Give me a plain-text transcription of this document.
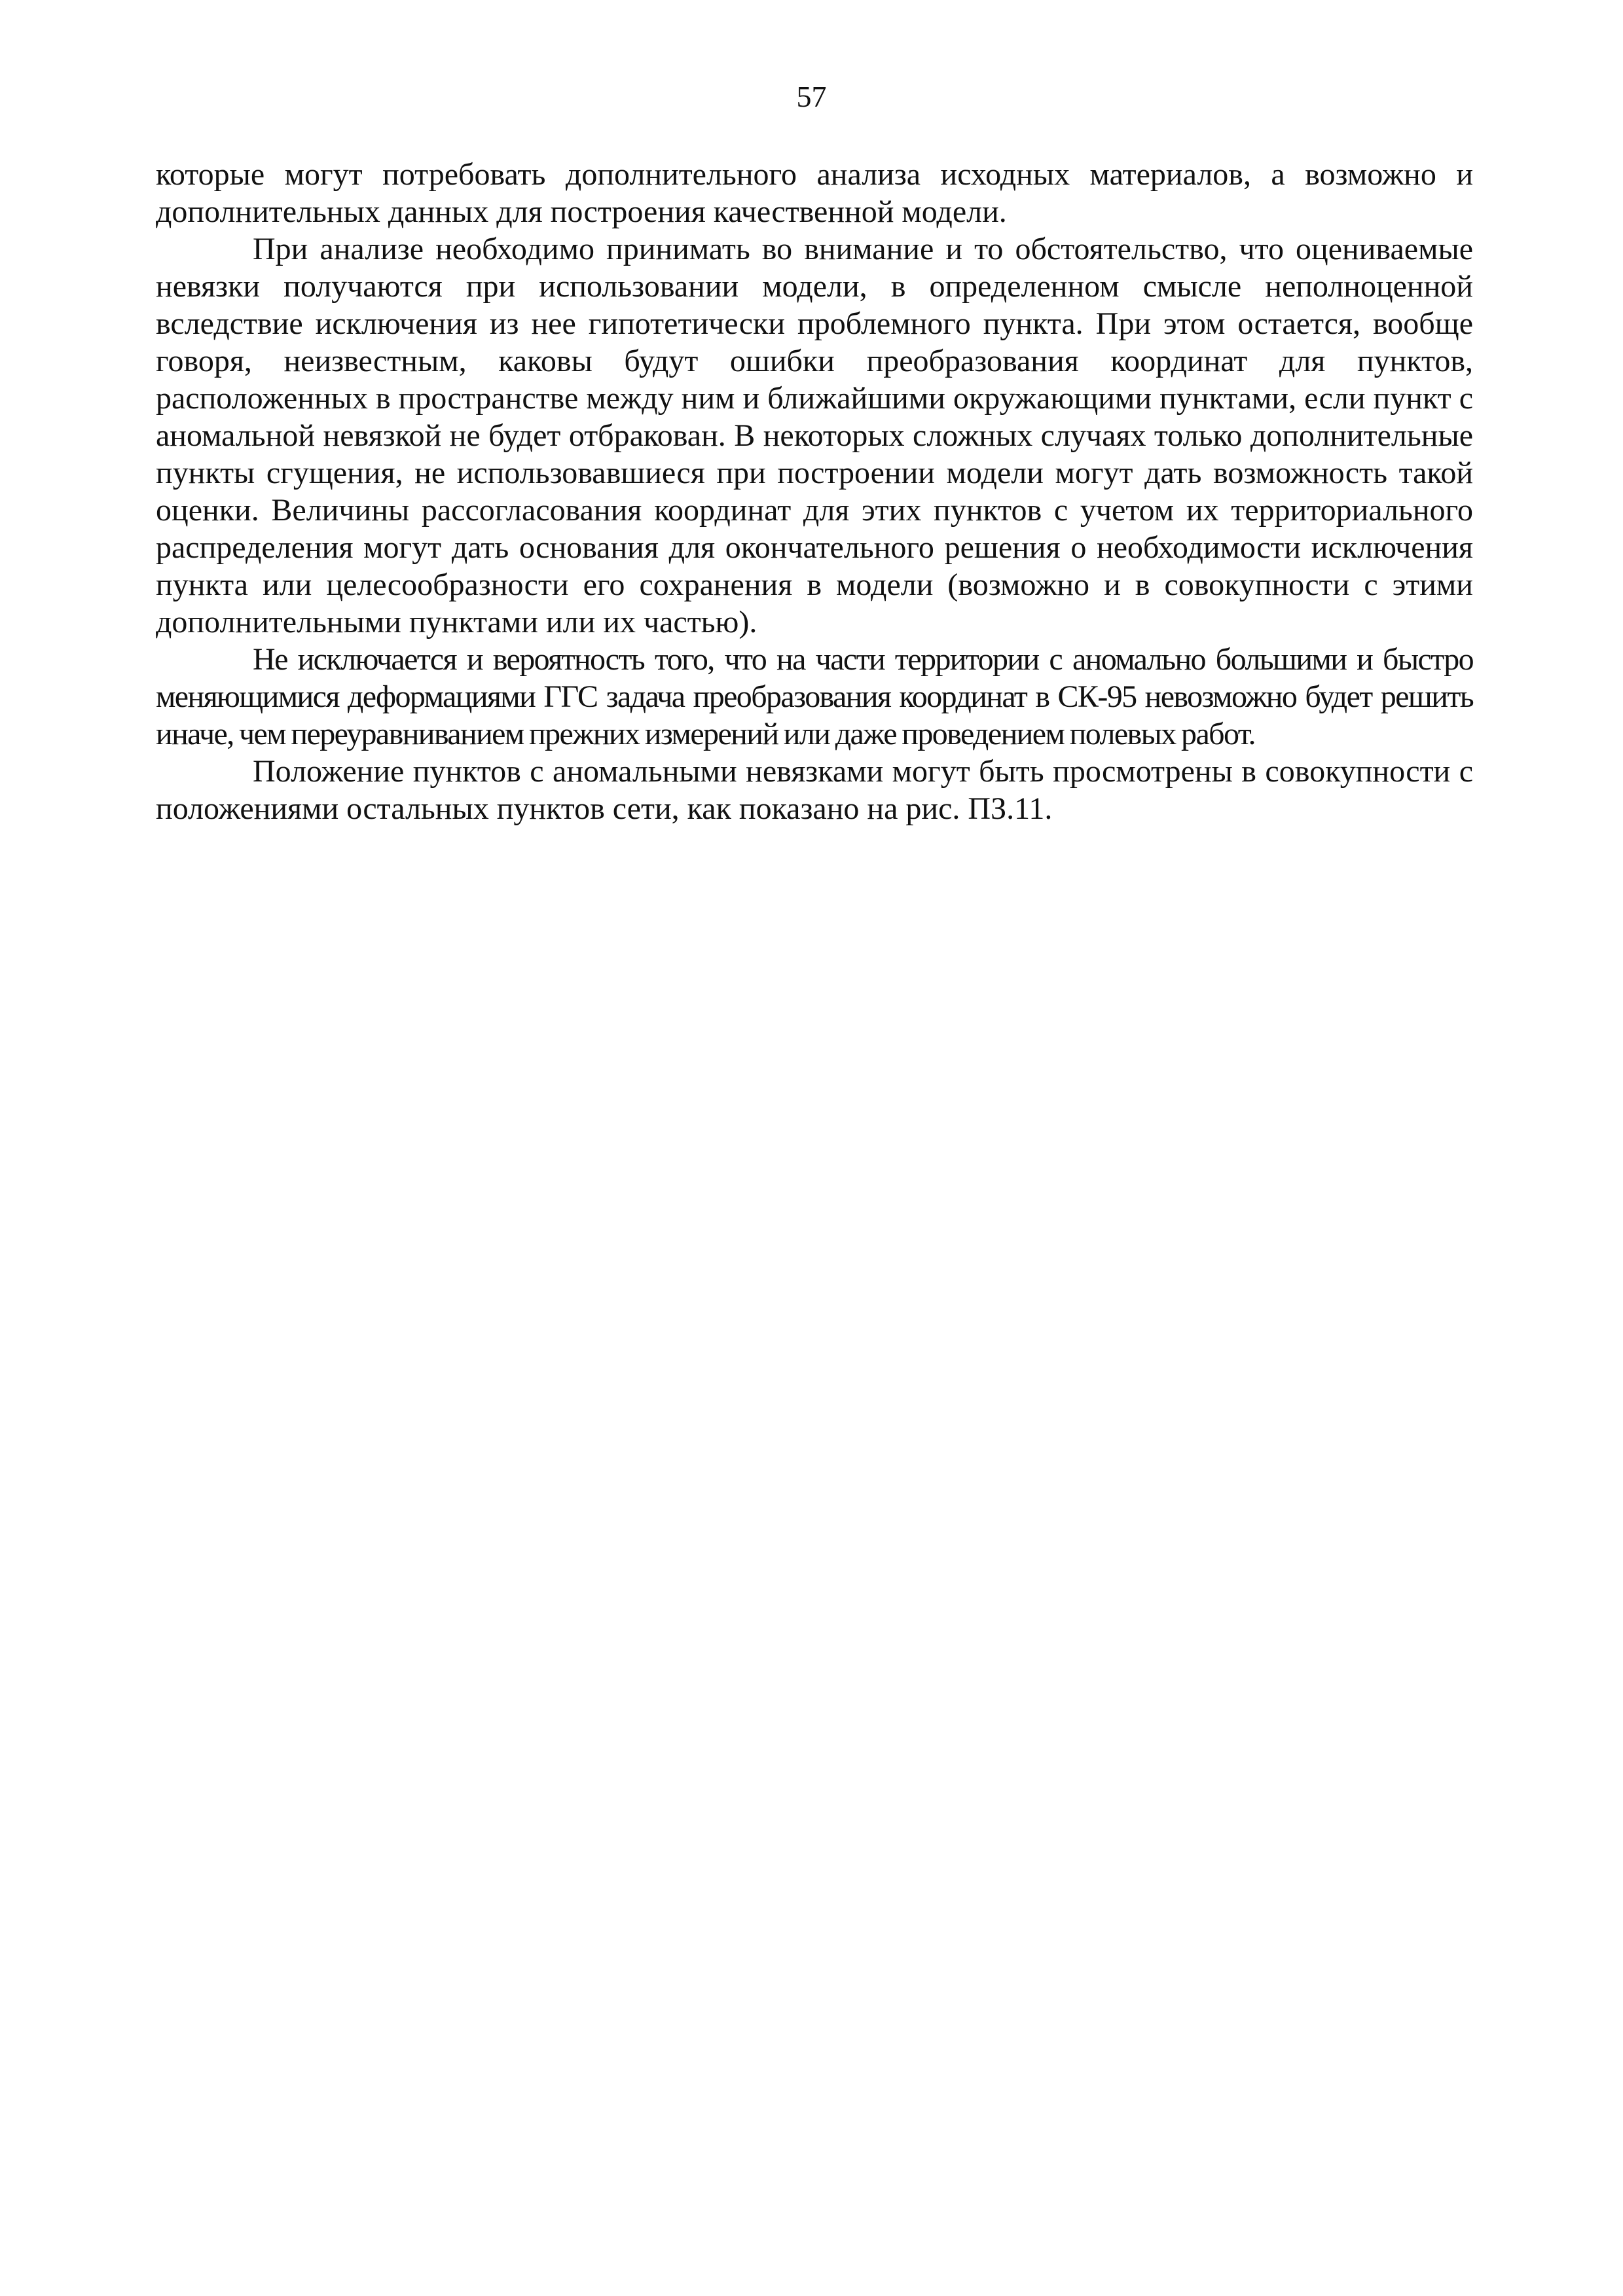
57

которые могут потребовать дополнительного анализа исходных материалов, а возможно и дополнительных данных для построения качественной модели.

При анализе необходимо принимать во внимание и то обстоятельство, что оцениваемые невязки получаются при использовании модели, в определенном смысле неполноценной вследствие исключения из нее гипотетически проблемного пункта. При этом остается, вообще говоря, неизвестным, каковы будут ошибки преобразования координат для пунктов, расположенных в пространстве между ним и ближайшими окружающими пунктами, если пункт с аномальной невязкой не будет отбракован. В некоторых сложных случаях только дополнительные пункты сгущения, не использовавшиеся при построении модели могут дать возможность такой оценки. Величины рассогласования координат для этих пунктов с учетом их территориального распределения могут дать основания для окончательного решения о необходимости исключения пункта или целесообразности его сохранения в модели (возможно и в совокупности с этими дополнительными пунктами или их частью).

Не исключается и вероятность того, что на части территории с аномально большими и быстро меняющимися деформациями ГГС задача преобразования координат в СК-95 невозможно будет решить иначе, чем переуравниванием прежних измерений или даже проведением полевых работ.

Положение пунктов с аномальными невязками могут быть просмотрены в совокупности с положениями остальных пунктов сети, как показано на рис. ПЗ.11.
